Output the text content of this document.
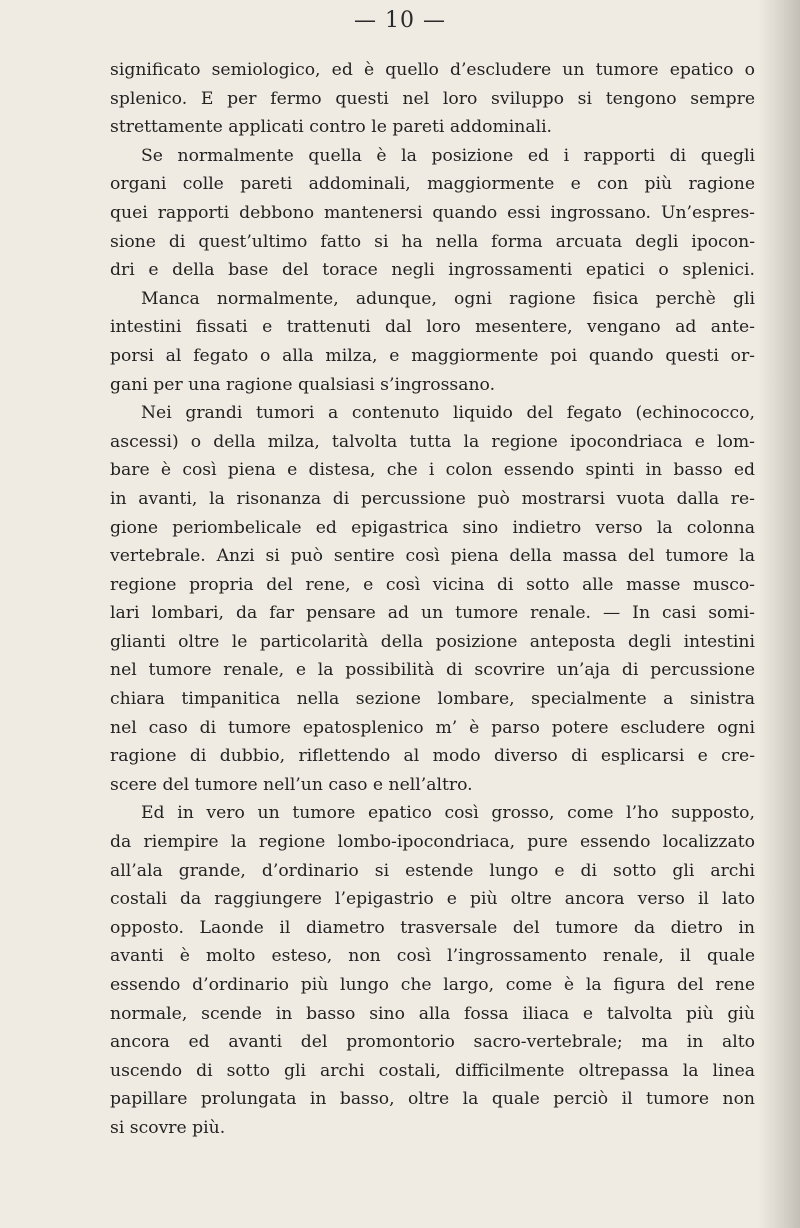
— 10 —
significato semiologico, ed è quello d’escludere un tumore epatico o
splenico. E per fermo questi nel loro sviluppo si tengono sempre
strettamente applicati contro le pareti addominali.
Se normalmente quella è la posizione ed i rapporti di quegli
organi colle pareti addominali, maggiormente e con più ragione
quei rapporti debbono mantenersi quando essi ingrossano. Un’espres-
sione di quest’ultimo fatto si ha nella forma arcuata degli ipocon-
dri e della base del torace negli ingrossamenti epatici o splenici.
Manca normalmente, adunque, ogni ragione fisica perchè gli
intestini fissati e trattenuti dal loro mesentere, vengano ad ante-
porsi al fegato o alla milza, e maggiormente poi quando questi or-
gani per una ragione qualsiasi s’ingrossano.
Nei grandi tumori a contenuto liquido del fegato (echinococco,
ascessi) o della milza, talvolta tutta la regione ipocondriaca e lom-
bare è così piena e distesa, che i colon essendo spinti in basso ed
in avanti, la risonanza di percussione può mostrarsi vuota dalla re-
gione periombelicale ed epigastrica sino indietro verso la colonna
vertebrale. Anzi si può sentire così piena della massa del tumore la
regione propria del rene, e così vicina di sotto alle masse musco-
lari lombari, da far pensare ad un tumore renale. — In casi somi-
glianti oltre le particolarità della posizione anteposta degli intestini
nel tumore renale, e la possibilità di scovrire un’aja di percussione
chiara timpanitica nella sezione lombare, specialmente a sinistra
nel caso di tumore epatosplenico m’ è parso potere escludere ogni
ragione di dubbio, riflettendo al modo diverso di esplicarsi e cre-
scere del tumore nell’un caso e nell’altro.
Ed in vero un tumore epatico così grosso, come l’ho supposto,
da riempire la regione lombo-ipocondriaca, pure essendo localizzato
all’ala grande, d’ordinario si estende lungo e di sotto gli archi
costali da raggiungere l’epigastrio e più oltre ancora verso il lato
opposto. Laonde il diametro trasversale del tumore da dietro in
avanti è molto esteso, non così l’ingrossamento renale, il quale
essendo d’ordinario più lungo che largo, come è la figura del rene
normale, scende in basso sino alla fossa iliaca e talvolta più giù
ancora ed avanti del promontorio sacro-vertebrale; ma in alto
uscendo di sotto gli archi costali, difficilmente oltrepassa la linea
papillare prolungata in basso, oltre la quale perciò il tumore non
si scovre più.
